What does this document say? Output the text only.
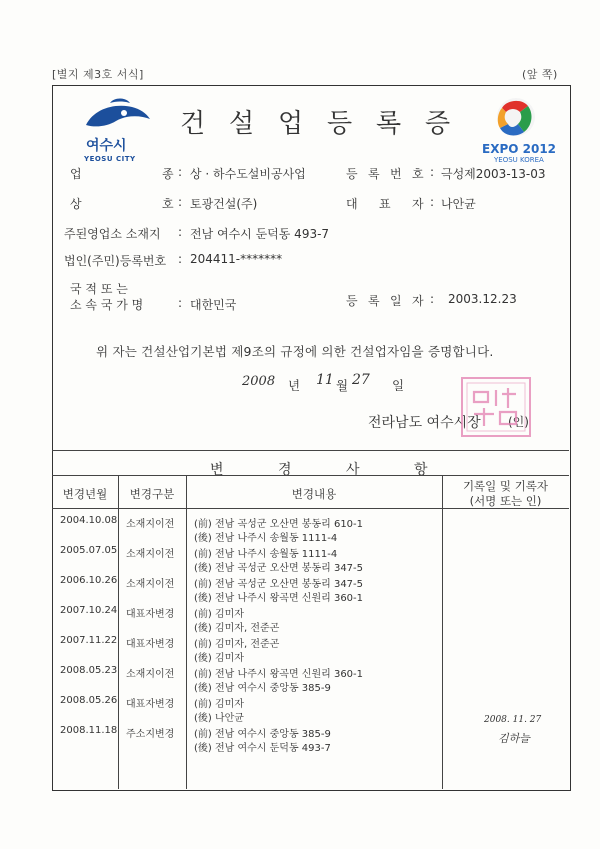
[별지 제3호 서식]	(앞 쪽)
여수시
YEOSU CITY
건 설 업 등 록 증
EXPO 2012
YEOSU KOREA
업	종 : 상 · 하수도설비공사업	등 록 번 호 : 극성제2003-13-03
상	호 : 토광건설(주)	대 표 자 : 나안균
주된영업소 소재지 : 전남 여수시 둔덕동 493-7
법인(주민)등록번호 : 204411-*******
국 적 또 는
소 속 국 가 명	: 대한민국	등 록 일 자 : 2003.12.23
위 자는 건설산업기본법 제9조의 규정에 의한 건설업자임을 증명합니다.
2008 년 11 월 27 일
전라남도 여수시장 (인)
변	경	사	항
변경년월	변경구분	변경내용
기록일 및 기록자
(서명 또는 인)
2004.10.08 소재지이전 (前) 전남 곡성군 오산면 봉동리 610-1
(後) 전남 나주시 송월동 1111-4
2005.07.05 소재지이전 (前) 전남 나주시 송월동 1111-4
(後) 전남 곡성군 오산면 봉동리 347-5
2006.10.26 소재지이전 (前) 전남 곡성군 오산면 봉동리 347-5
(後) 전남 나주시 왕곡면 신원리 360-1
2007.10.24 대표자변경 (前) 김미자
(後) 김미자, 전준곤
2007.11.22 대표자변경 (前) 김미자, 전준곤
(後) 김미자
2008.05.23 소재지이전 (前) 전남 나주시 왕곡면 신원리 360-1
(後) 전남 여수시 중앙동 385-9
2008.05.26 대표자변경 (前) 김미자
(後) 나안균
2008.11.18 주소지변경 (前) 전남 여수시 중앙동 385-9
(後) 전남 여수시 둔덕동 493-7
2008. 11. 27
김하늘
